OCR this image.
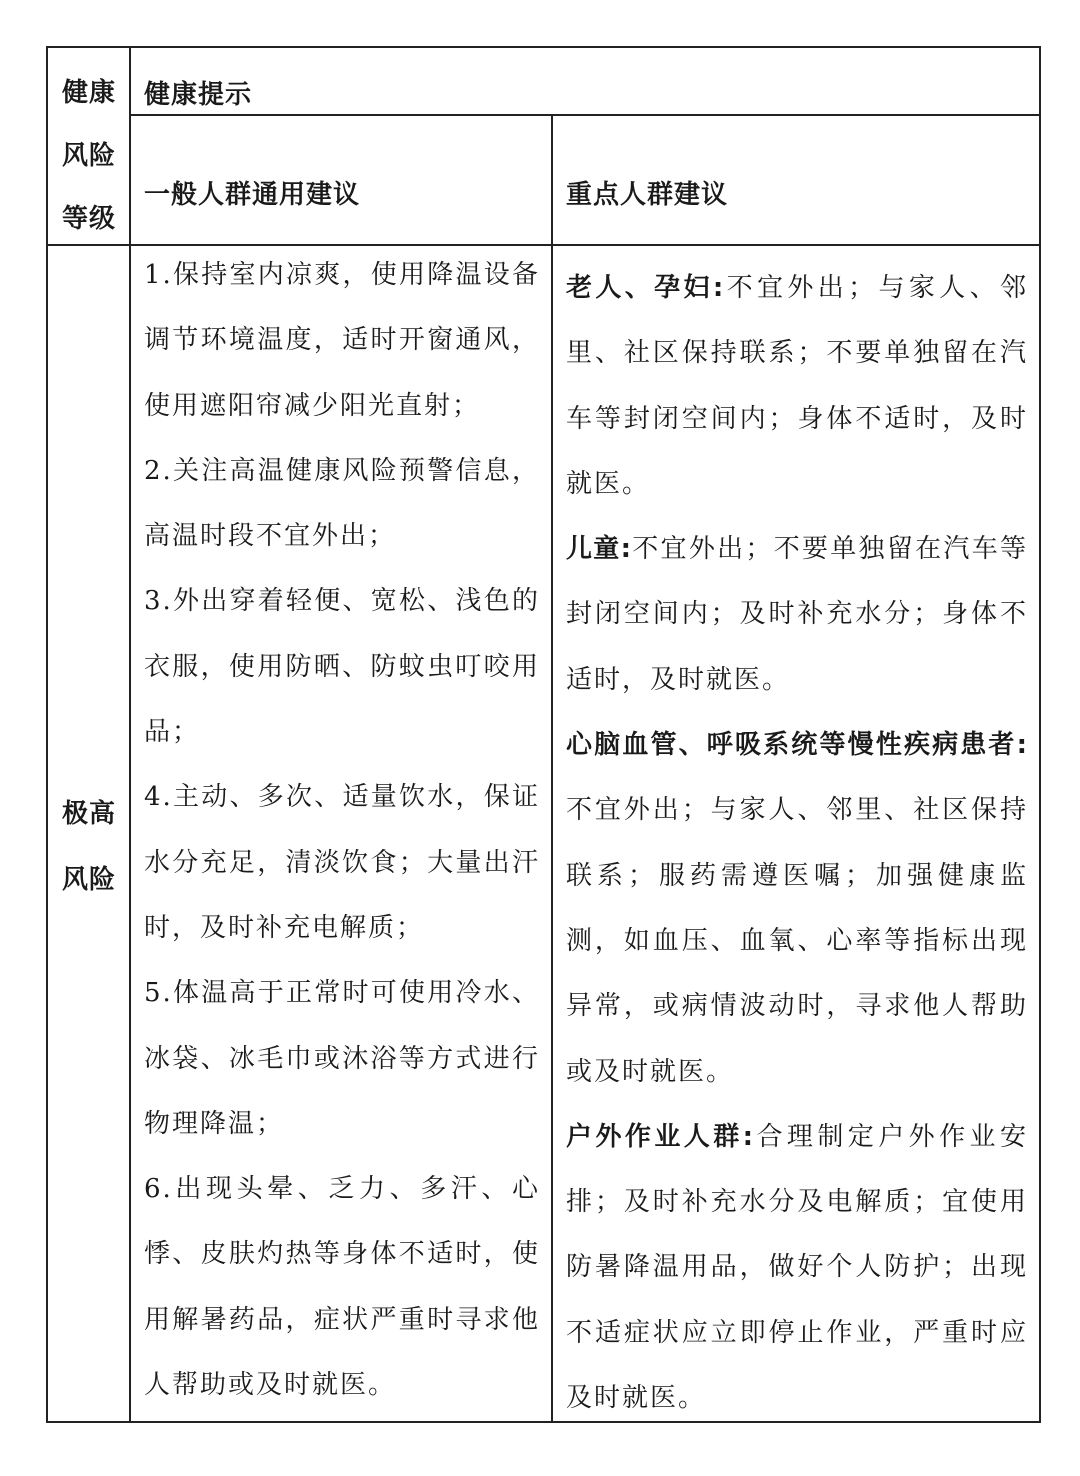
健康
风险
等级
健康提示
一般人群通用建议	重点人群建议
极高
风险

1.保持室内凉爽，使用降温设备调节环境温度，适时开窗通风，使用遮阳帘减少阳光直射；

2.关注高温健康风险预警信息，高温时段不宜外出；

3.外出穿着轻便、宽松、浅色的衣服，使用防晒、防蚊虫叮咬用品；

4.主动、多次、适量饮水，保证水分充足，清淡饮食；大量出汗时，及时补充电解质；

5.体温高于正常时可使用冷水、冰袋、冰毛巾或沐浴等方式进行物理降温；

6.出现头晕、乏力、多汗、心悸、皮肤灼热等身体不适时，使用解暑药品，症状严重时寻求他人帮助或及时就医。

老人、孕妇:不宜外出；与家人、邻里、社区保持联系；不要单独留在汽车等封闭空间内；身体不适时，及时就医。

儿童:不宜外出；不要单独留在汽车等封闭空间内；及时补充水分；身体不适时，及时就医。

心脑血管、呼吸系统等慢性疾病患者:不宜外出；与家人、邻里、社区保持联系；服药需遵医嘱；加强健康监测，如血压、血氧、心率等指标出现异常，或病情波动时，寻求他人帮助或及时就医。

户外作业人群:合理制定户外作业安排；及时补充水分及电解质；宜使用防暑降温用品，做好个人防护；出现不适症状应立即停止作业，严重时应及时就医。
